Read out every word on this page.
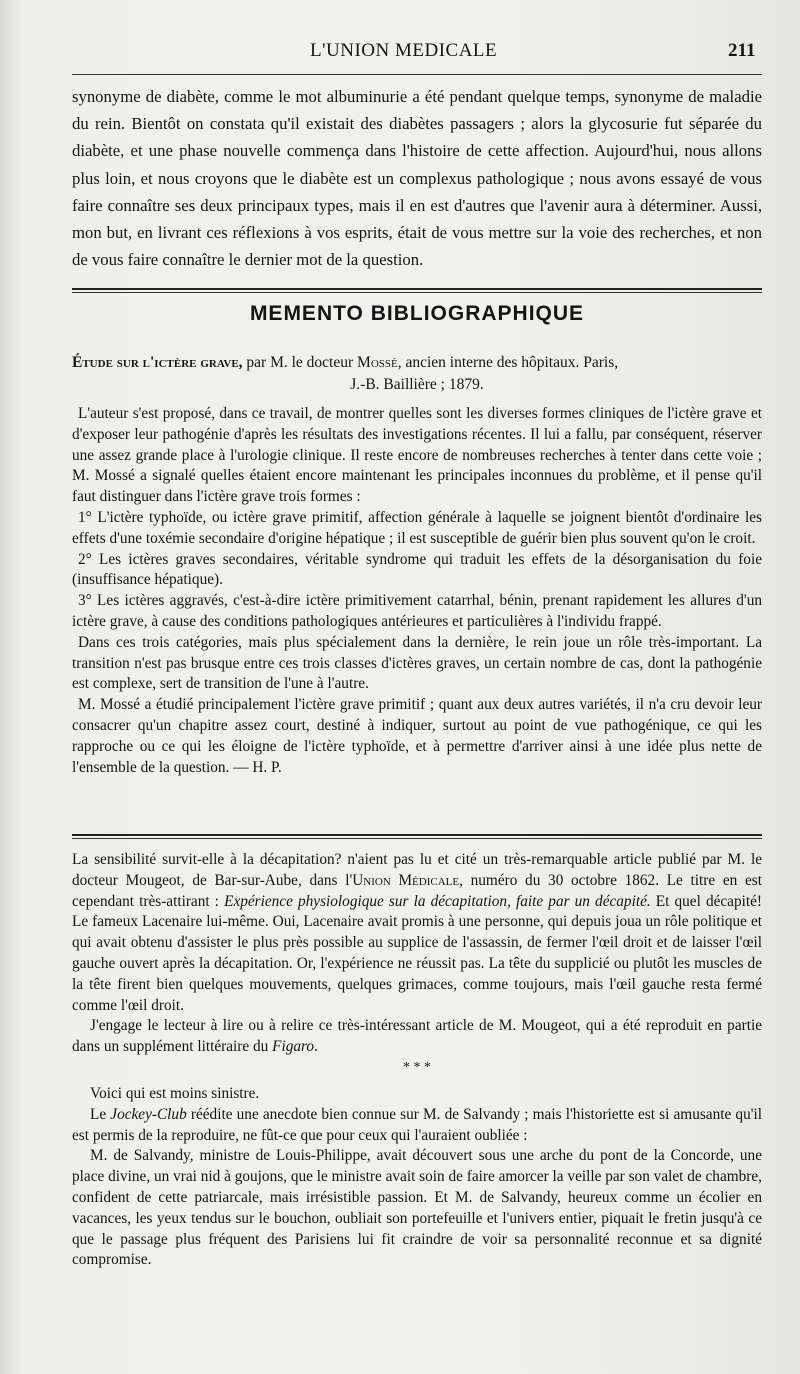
L'UNION MEDICALE	211

synonyme de diabète, comme le mot albuminurie a été pendant quelque temps, synonyme de maladie du rein. Bientôt on constata qu'il existait des diabètes passagers ; alors la glycosurie fut séparée du diabète, et une phase nouvelle commença dans l'histoire de cette affection. Aujourd'hui, nous allons plus loin, et nous croyons que le diabète est un complexus pathologique ; nous avons essayé de vous faire connaître ses deux principaux types, mais il en est d'autres que l'avenir aura à déterminer. Aussi, mon but, en livrant ces réflexions à vos esprits, était de vous mettre sur la voie des recherches, et non de vous faire connaître le dernier mot de la question.

MEMENTO BIBLIOGRAPHIQUE

Étude sur l'ictère grave, par M. le docteur Mossé, ancien interne des hôpitaux. Paris,

J.-B. Baillière ; 1879.

L'auteur s'est proposé, dans ce travail, de montrer quelles sont les diverses formes cliniques de l'ictère grave et d'exposer leur pathogénie d'après les résultats des investigations récentes. Il lui a fallu, par conséquent, réserver une assez grande place à l'urologie clinique. Il reste encore de nombreuses recherches à tenter dans cette voie ; M. Mossé a signalé quelles étaient encore maintenant les principales inconnues du problème, et il pense qu'il faut distinguer dans l'ictère grave trois formes :

1° L'ictère typhoïde, ou ictère grave primitif, affection générale à laquelle se joignent bientôt d'ordinaire les effets d'une toxémie secondaire d'origine hépatique ; il est susceptible de guérir bien plus souvent qu'on le croit.

2° Les ictères graves secondaires, véritable syndrome qui traduit les effets de la désorganisation du foie (insuffisance hépatique).

3° Les ictères aggravés, c'est-à-dire ictère primitivement catarrhal, bénin, prenant rapidement les allures d'un ictère grave, à cause des conditions pathologiques antérieures et particulières à l'individu frappé.

Dans ces trois catégories, mais plus spécialement dans la dernière, le rein joue un rôle très-important. La transition n'est pas brusque entre ces trois classes d'ictères graves, un certain nombre de cas, dont la pathogénie est complexe, sert de transition de l'une à l'autre.

M. Mossé a étudié principalement l'ictère grave primitif ; quant aux deux autres variétés, il n'a cru devoir leur consacrer qu'un chapitre assez court, destiné à indiquer, surtout au point de vue pathogénique, ce qui les rapproche ou ce qui les éloigne de l'ictère typhoïde, et à permettre d'arriver ainsi à une idée plus nette de l'ensemble de la question. — H. P.

La sensibilité survit-elle à la décapitation? n'aient pas lu et cité un très-remarquable article publié par M. le docteur Mougeot, de Bar-sur-Aube, dans l'Union Médicale, numéro du 30 octobre 1862. Le titre en est cependant très-attirant : Expérience physiologique sur la décapitation, faite par un décapité. Et quel décapité! Le fameux Lacenaire lui-même. Oui, Lacenaire avait promis à une personne, qui depuis joua un rôle politique et qui avait obtenu d'assister le plus près possible au supplice de l'assassin, de fermer l'œil droit et de laisser l'œil gauche ouvert après la décapitation. Or, l'expérience ne réussit pas. La tête du supplicié ou plutôt les muscles de la tête firent bien quelques mouvements, quelques grimaces, comme toujours, mais l'œil gauche resta fermé comme l'œil droit.

J'engage le lecteur à lire ou à relire ce très-intéressant article de M. Mougeot, qui a été reproduit en partie dans un supplément littéraire du Figaro.

* * *

Voici qui est moins sinistre.

Le Jockey-Club réédite une anecdote bien connue sur M. de Salvandy ; mais l'historiette est si amusante qu'il est permis de la reproduire, ne fût-ce que pour ceux qui l'auraient oubliée :

M. de Salvandy, ministre de Louis-Philippe, avait découvert sous une arche du pont de la Concorde, une place divine, un vrai nid à goujons, que le ministre avait soin de faire amorcer la veille par son valet de chambre, confident de cette patriarcale, mais irrésistible passion. Et M. de Salvandy, heureux comme un écolier en vacances, les yeux tendus sur le bouchon, oubliait son portefeuille et l'univers entier, piquait le fretin jusqu'à ce que le passage plus fréquent des Parisiens lui fit craindre de voir sa personnalité reconnue et sa dignité compromise.
